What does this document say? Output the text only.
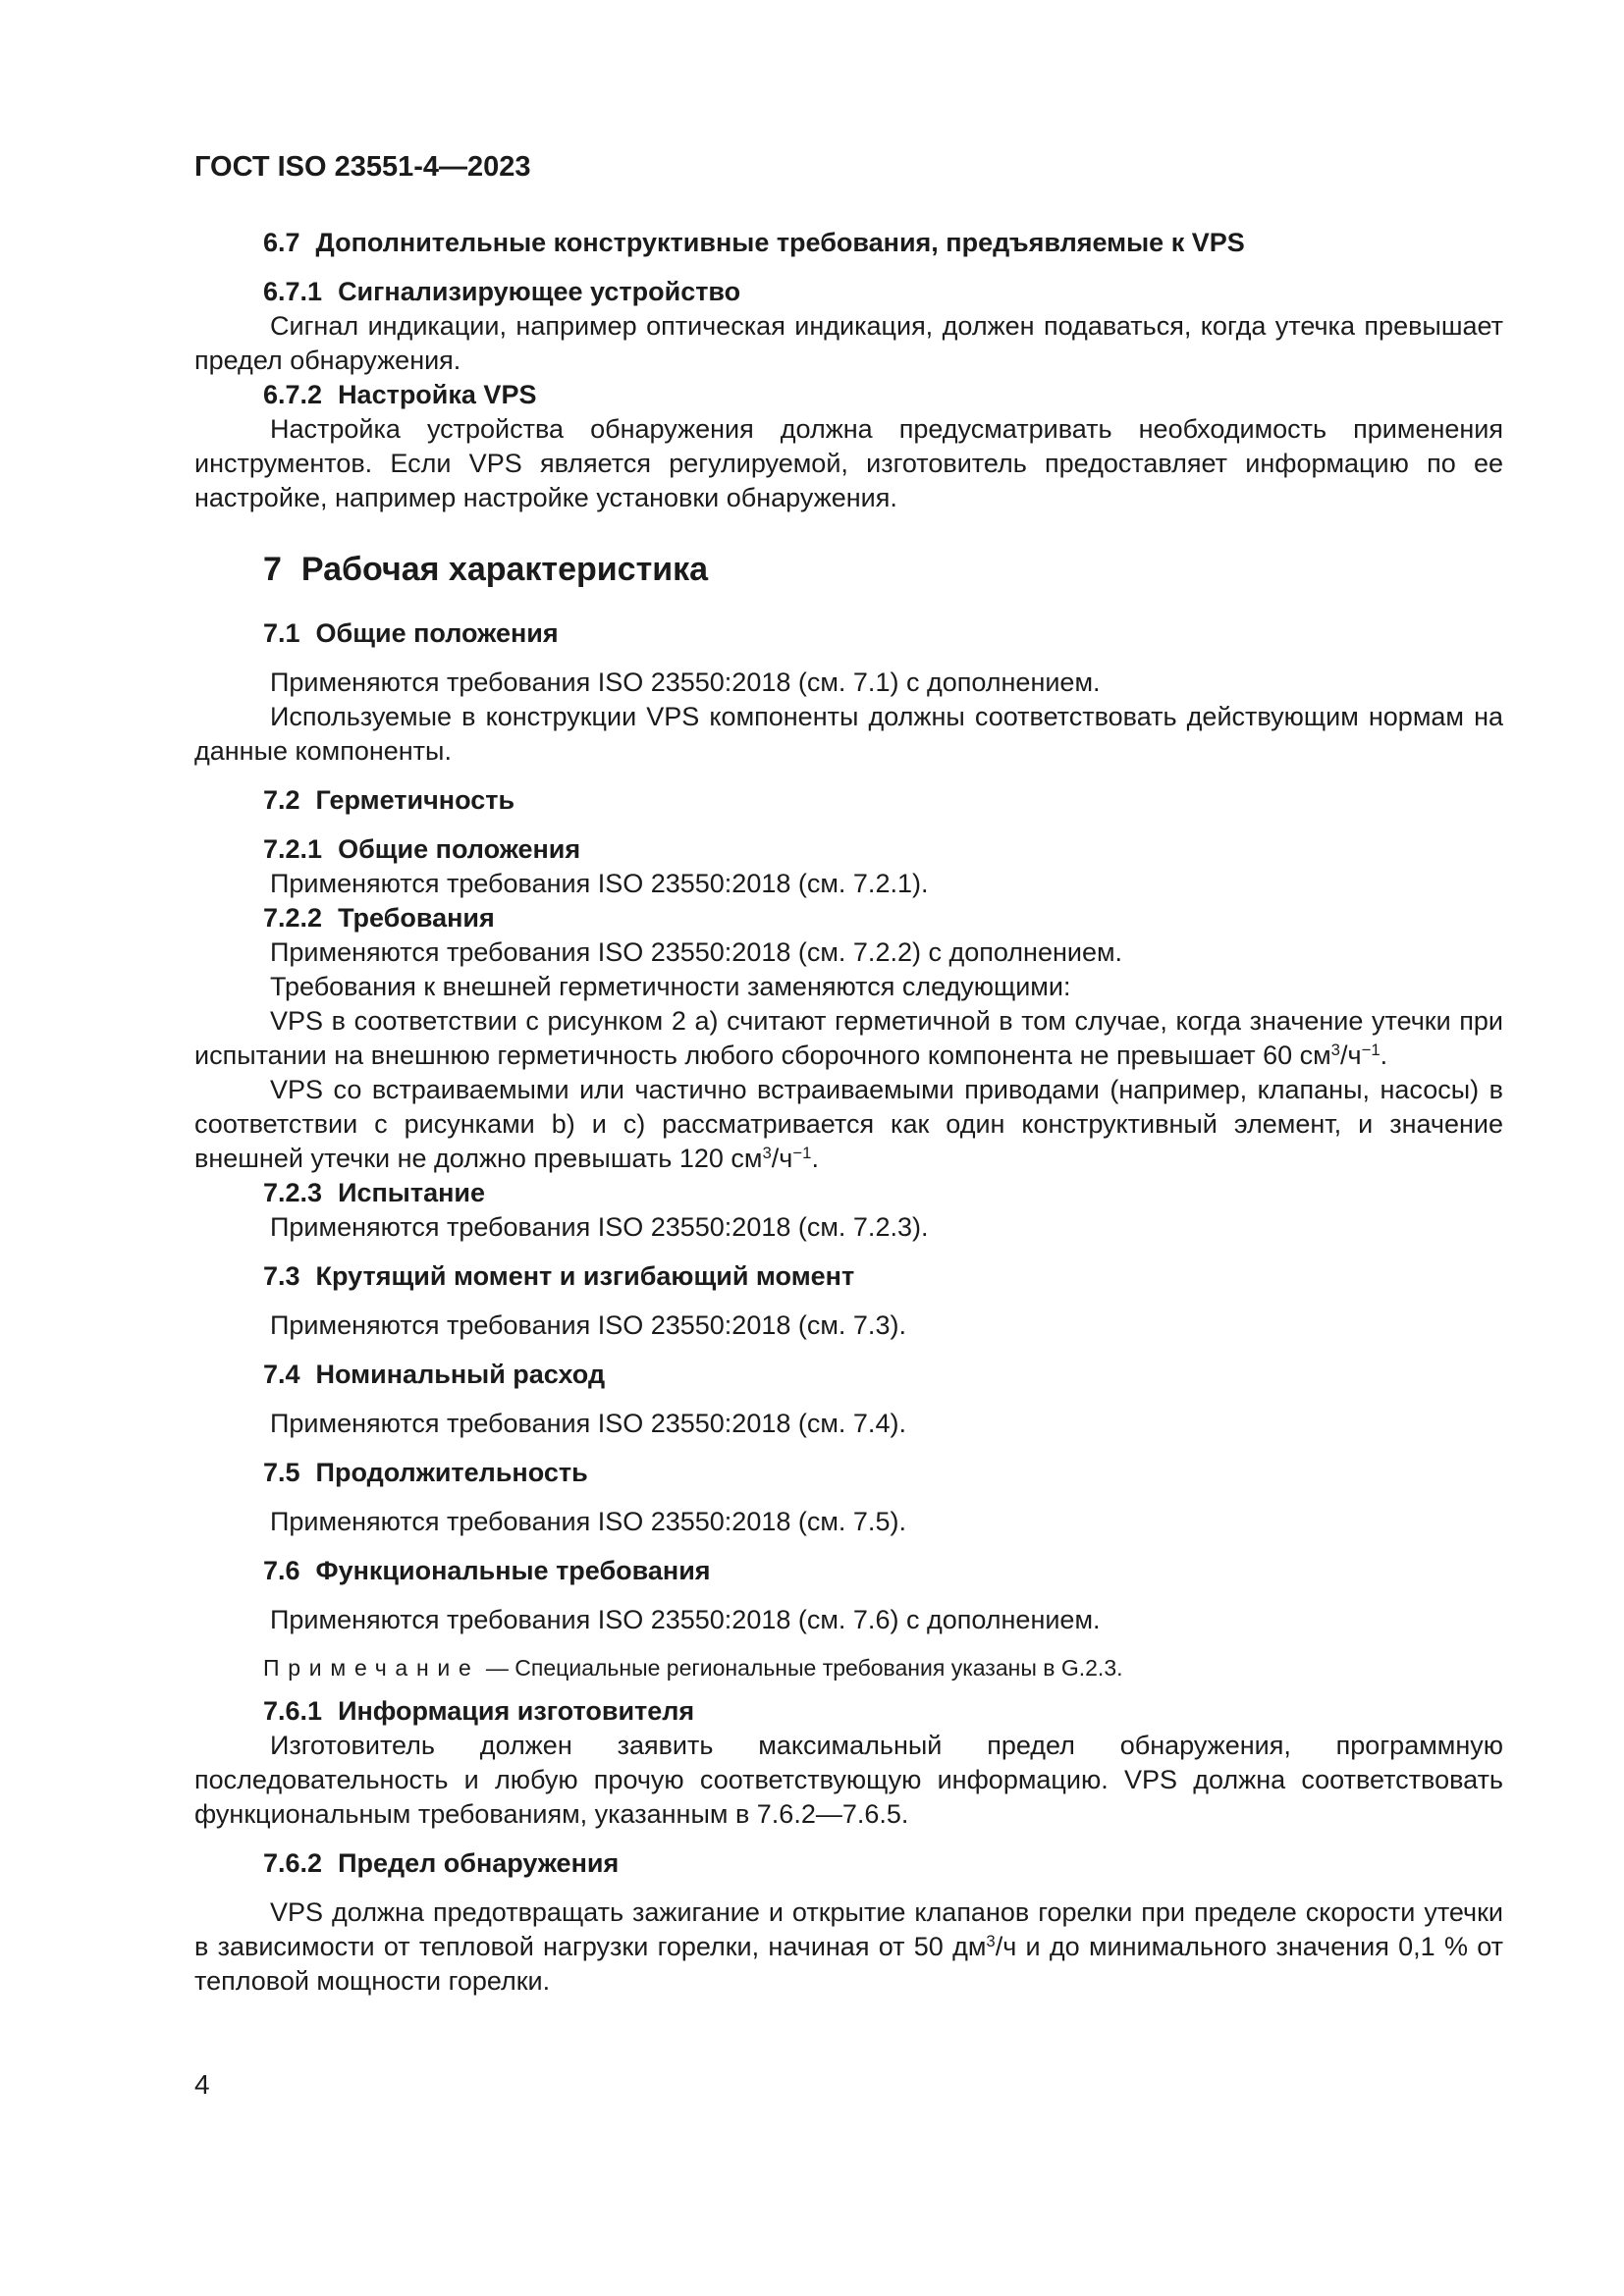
ГОСТ ISO 23551-4—2023
6.7 Дополнительные конструктивные требования, предъявляемые к VPS
6.7.1 Сигнализирующее устройство

Сигнал индикации, например оптическая индикация, должен подаваться, когда утечка превышает предел обнаружения.

6.7.2 Настройка VPS

Настройка устройства обнаружения должна предусматривать необходимость применения инструментов. Если VPS является регулируемой, изготовитель предоставляет информацию по ее настройке, например настройке установки обнаружения.

7 Рабочая характеристика
7.1 Общие положения

Применяются требования ISO 23550:2018 (см. 7.1) с дополнением.

Используемые в конструкции VPS компоненты должны соответствовать действующим нормам на данные компоненты.

7.2 Герметичность
7.2.1 Общие положения

Применяются требования ISO 23550:2018 (см. 7.2.1).

7.2.2 Требования

Применяются требования ISO 23550:2018 (см. 7.2.2) с дополнением.

Требования к внешней герметичности заменяются следующими:

VPS в соответствии с рисунком 2 а) считают герметичной в том случае, когда значение утечки при испытании на внешнюю герметичность любого сборочного компонента не превышает 60 $см^3/ч^{-1}$.

VPS со встраиваемыми или частично встраиваемыми приводами (например, клапаны, насосы) в соответствии с рисунками b) и c) рассматривается как один конструктивный элемент, и значение внешней утечки не должно превышать 120 $см^3/ч^{-1}$.

7.2.3 Испытание

Применяются требования ISO 23550:2018 (см. 7.2.3).

7.3 Крутящий момент и изгибающий момент

Применяются требования ISO 23550:2018 (см. 7.3).

7.4 Номинальный расход

Применяются требования ISO 23550:2018 (см. 7.4).

7.5 Продолжительность

Применяются требования ISO 23550:2018 (см. 7.5).

7.6 Функциональные требования

Применяются требования ISO 23550:2018 (см. 7.6) с дополнением.

Примечание — Специальные региональные требования указаны в G.2.3.
7.6.1 Информация изготовителя

Изготовитель должен заявить максимальный предел обнаружения, программную последовательность и любую прочую соответствующую информацию. VPS должна соответствовать функциональным требованиям, указанным в 7.6.2—7.6.5.

7.6.2 Предел обнаружения

VPS должна предотвращать зажигание и открытие клапанов горелки при пределе скорости утечки в зависимости от тепловой нагрузки горелки, начиная от 50 $дм^3/ч$ и до минимального значения 0,1 % от тепловой мощности горелки.

4
